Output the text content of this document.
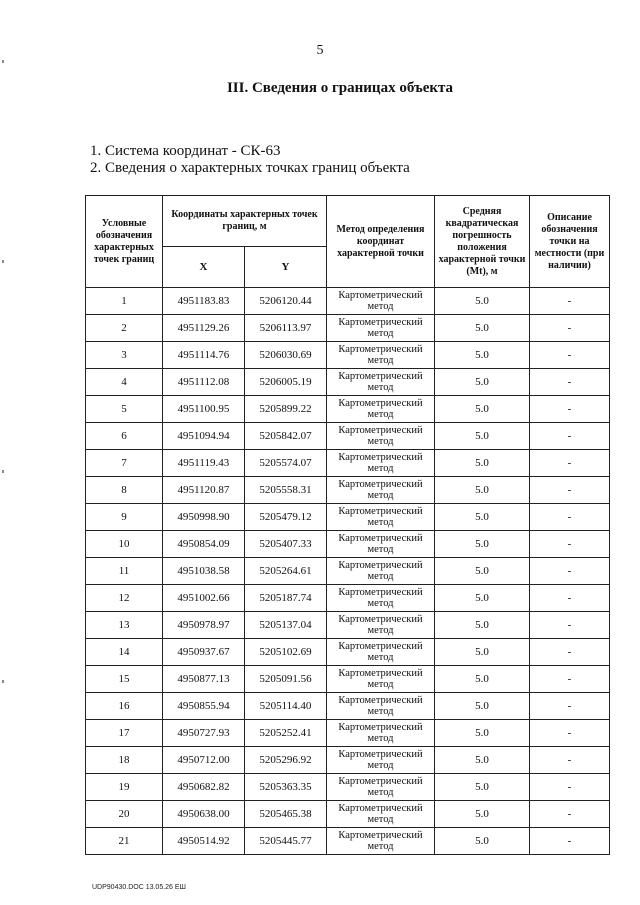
5
III. Сведения о границах объекта
1. Система координат - СК-63
2. Сведения о характерных точках границ объекта
Условные обозначения характерных точек границ	Координаты характерных точек границ, м		Метод определения координат характерной точки	Средняя квадратическая погрешность положения характерной точки (Мt), м	Описание обозначения точки на местности (при наличии)
	X	Y			
1	4951183.83	5206120.44	Картометрический метод	5.0	-
2	4951129.26	5206113.97	Картометрический метод	5.0	-
3	4951114.76	5206030.69	Картометрический метод	5.0	-
4	4951112.08	5206005.19	Картометрический метод	5.0	-
5	4951100.95	5205899.22	Картометрический метод	5.0	-
6	4951094.94	5205842.07	Картометрический метод	5.0	-
7	4951119.43	5205574.07	Картометрический метод	5.0	-
8	4951120.87	5205558.31	Картометрический метод	5.0	-
9	4950998.90	5205479.12	Картометрический метод	5.0	-
10	4950854.09	5205407.33	Картометрический метод	5.0	-
11	4951038.58	5205264.61	Картометрический метод	5.0	-
12	4951002.66	5205187.74	Картометрический метод	5.0	-
13	4950978.97	5205137.04	Картометрический метод	5.0	-
14	4950937.67	5205102.69	Картометрический метод	5.0	-
15	4950877.13	5205091.56	Картометрический метод	5.0	-
16	4950855.94	5205114.40	Картометрический метод	5.0	-
17	4950727.93	5205252.41	Картометрический метод	5.0	-
18	4950712.00	5205296.92	Картометрический метод	5.0	-
19	4950682.82	5205363.35	Картометрический метод	5.0	-
20	4950638.00	5205465.38	Картометрический метод	5.0	-
21	4950514.92	5205445.77	Картометрический метод	5.0	-
UDP90430.DOC 13.05.26 ЕШ
